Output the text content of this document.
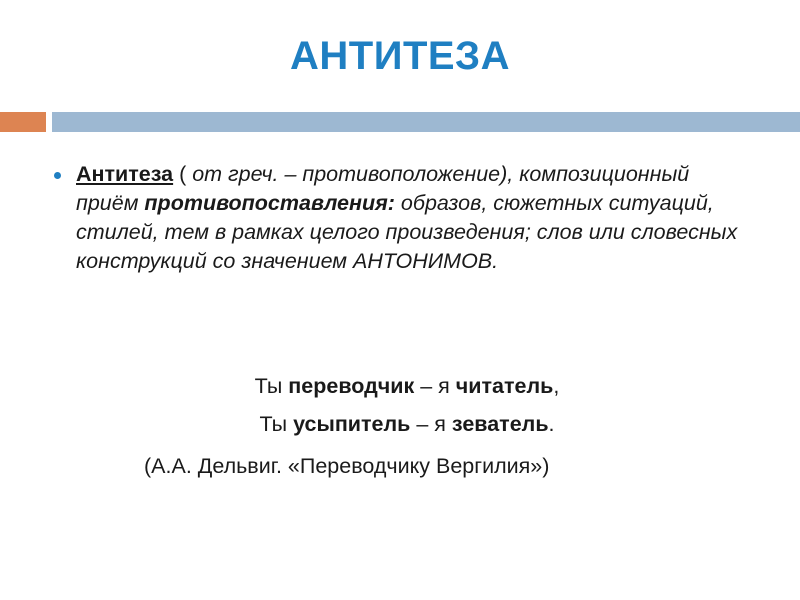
АНТИТЕЗА
Антитеза ( от греч. – противоположение), композиционный приём противопоставления: образов, сюжетных ситуаций, стилей, тем в рамках целого произведения; слов или словесных конструкций со значением АНТОНИМОВ.
Ты переводчик – я читатель,
Ты усыпитель – я зеватель.
(А.А. Дельвиг. «Переводчику Вергилия»)
